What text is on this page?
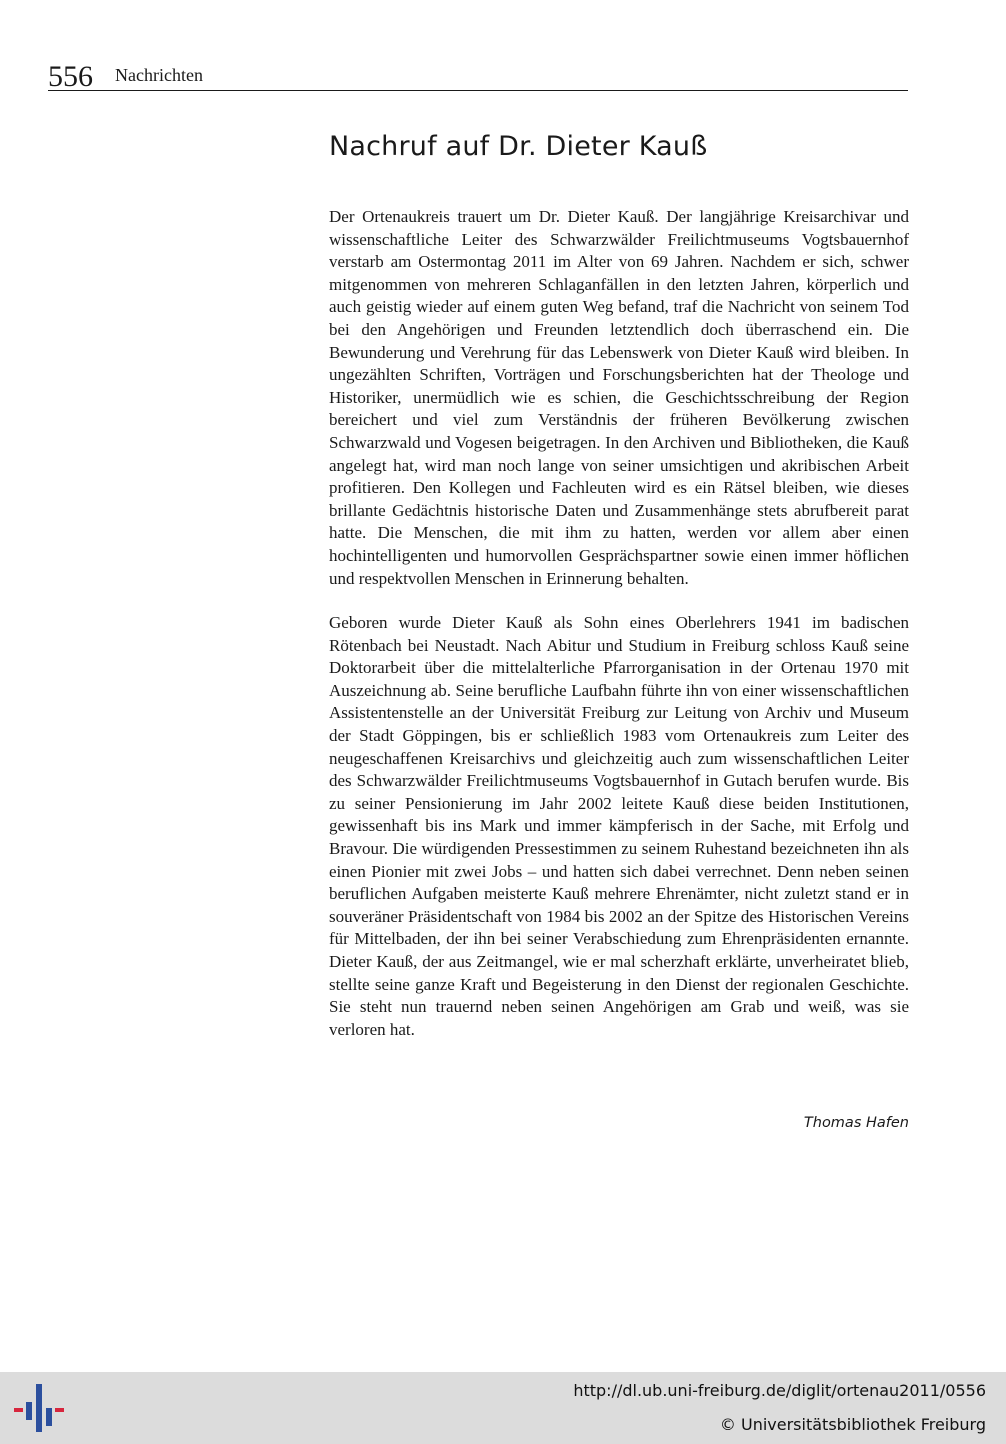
556 Nachrichten
Nachruf auf Dr. Dieter Kauß

Der Ortenaukreis trauert um Dr. Dieter Kauß. Der langjährige Kreisarchivar und wissenschaftliche Leiter des Schwarzwälder Freilichtmuseums Vogtsbauernhof verstarb am Ostermontag 2011 im Alter von 69 Jahren. Nachdem er sich, schwer mitgenommen von mehreren Schlaganfällen in den letzten Jahren, körperlich und auch geistig wieder auf einem guten Weg befand, traf die Nachricht von seinem Tod bei den Angehörigen und Freunden letztendlich doch überraschend ein. Die Bewunderung und Verehrung für das Lebenswerk von Dieter Kauß wird bleiben. In ungezählten Schriften, Vorträgen und Forschungsberichten hat der Theologe und Historiker, unermüdlich wie es schien, die Geschichtsschreibung der Region bereichert und viel zum Verständnis der früheren Bevölkerung zwischen Schwarzwald und Vogesen beigetragen. In den Archiven und Bibliotheken, die Kauß angelegt hat, wird man noch lange von seiner umsichtigen und akribischen Arbeit profitieren. Den Kollegen und Fachleuten wird es ein Rätsel bleiben, wie dieses brillante Gedächtnis historische Daten und Zusammenhänge stets abrufbereit parat hatte. Die Menschen, die mit ihm zu hatten, werden vor allem aber einen hochintelligenten und humorvollen Gesprächspartner sowie einen immer höflichen und respektvollen Menschen in Erinnerung behalten.

Geboren wurde Dieter Kauß als Sohn eines Oberlehrers 1941 im badischen Rötenbach bei Neustadt. Nach Abitur und Studium in Freiburg schloss Kauß seine Doktorarbeit über die mittelalterliche Pfarrorganisation in der Ortenau 1970 mit Auszeichnung ab. Seine berufliche Laufbahn führte ihn von einer wissenschaftlichen Assistentenstelle an der Universität Freiburg zur Leitung von Archiv und Museum der Stadt Göppingen, bis er schließlich 1983 vom Ortenaukreis zum Leiter des neugeschaffenen Kreisarchivs und gleichzeitig auch zum wissenschaftlichen Leiter des Schwarzwälder Freilichtmuseums Vogtsbauernhof in Gutach berufen wurde. Bis zu seiner Pensionierung im Jahr 2002 leitete Kauß diese beiden Institutionen, gewissenhaft bis ins Mark und immer kämpferisch in der Sache, mit Erfolg und Bravour. Die würdigenden Pressestimmen zu seinem Ruhestand bezeichneten ihn als einen Pionier mit zwei Jobs – und hatten sich dabei verrechnet. Denn neben seinen beruflichen Aufgaben meisterte Kauß mehrere Ehrenämter, nicht zuletzt stand er in souveräner Präsidentschaft von 1984 bis 2002 an der Spitze des Historischen Vereins für Mittelbaden, der ihn bei seiner Verabschiedung zum Ehrenpräsidenten ernannte. Dieter Kauß, der aus Zeitmangel, wie er mal scherzhaft erklärte, unverheiratet blieb, stellte seine ganze Kraft und Begeisterung in den Dienst der regionalen Geschichte. Sie steht nun trauernd neben seinen Angehörigen am Grab und weiß, was sie verloren hat.

Thomas Hafen
http://dl.ub.uni-freiburg.de/diglit/ortenau2011/0556
© Universitätsbibliothek Freiburg
